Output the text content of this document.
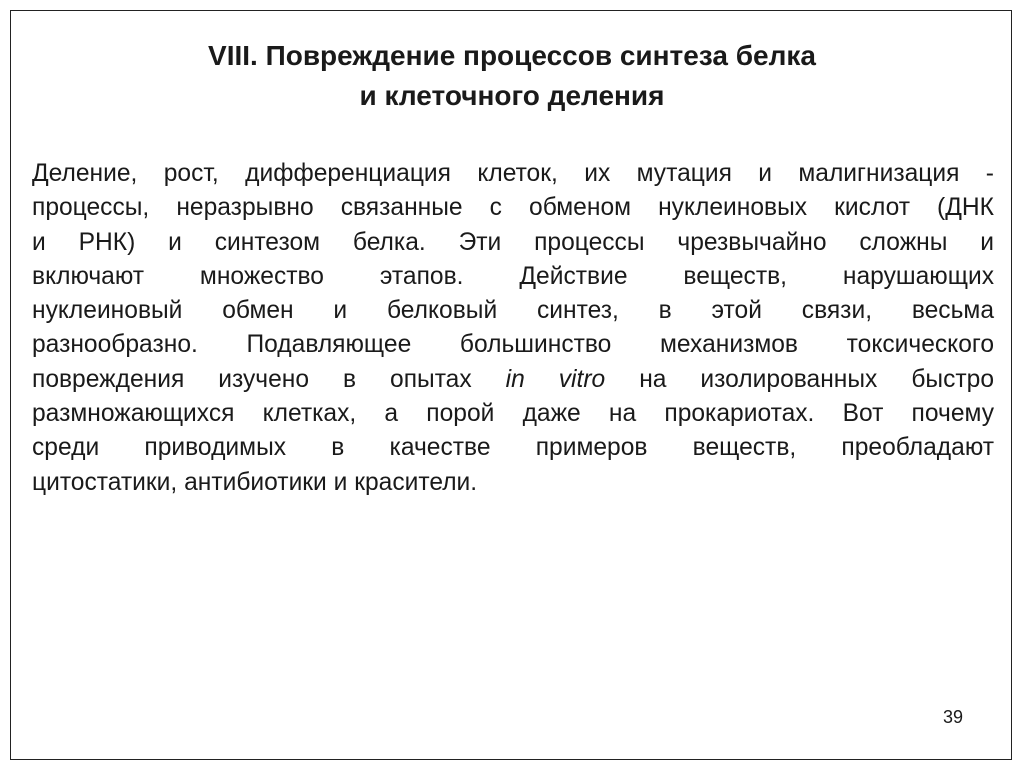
VIII. Повреждение процессов синтеза белка
и клеточного деления

Деление, рост, дифференциация клеток, их мутация и малигнизация -
процессы, неразрывно связанные с обменом нуклеиновых кислот (ДНК
и РНК) и синтезом белка. Эти процессы чрезвычайно сложны и
включают множество этапов. Действие веществ, нарушающих
нуклеиновый обмен и белковый синтез, в этой связи, весьма
разнообразно. Подавляющее большинство механизмов токсического
повреждения изучено в опытах in vitro на изолированных быстро
размножающихся клетках, а порой даже на прокариотах. Вот почему
среди приводимых в качестве примеров веществ, преобладают
цитостатики, антибиотики и красители.

39
